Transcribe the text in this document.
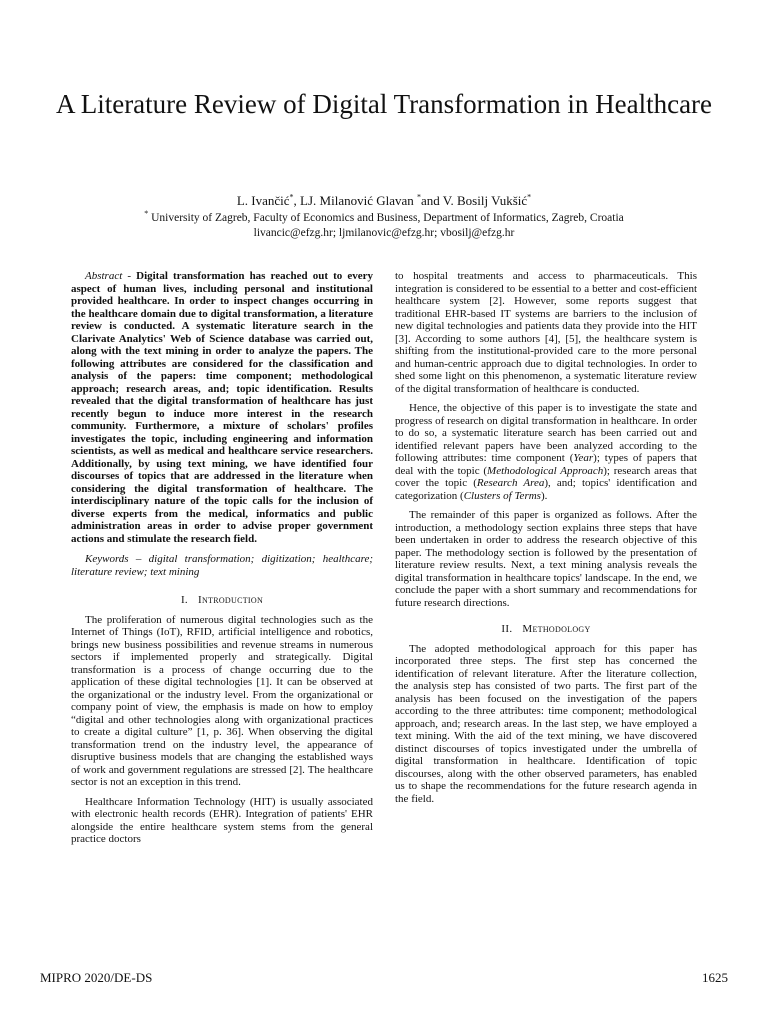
A Literature Review of Digital Transformation in Healthcare
L. Ivančić*, LJ. Milanović Glavan *and V. Bosilj Vukšić*
* University of Zagreb, Faculty of Economics and Business, Department of Informatics, Zagreb, Croatia
livancic@efzg.hr; ljmilanovic@efzg.hr; vbosilj@efzg.hr

Abstract - Digital transformation has reached out to every aspect of human lives, including personal and institutional provided healthcare. In order to inspect changes occurring in the healthcare domain due to digital transformation, a literature review is conducted. A systematic literature search in the Clarivate Analytics' Web of Science database was carried out, along with the text mining in order to analyze the papers. The following attributes are considered for the classification and analysis of the papers: time component; methodological approach; research areas, and; topic identification. Results revealed that the digital transformation of healthcare has just recently begun to induce more interest in the research community. Furthermore, a mixture of scholars' profiles investigates the topic, including engineering and information scientists, as well as medical and healthcare service researchers. Additionally, by using text mining, we have identified four discourses of topics that are addressed in the literature when considering the digital transformation of healthcare. The interdisciplinary nature of the topic calls for the inclusion of diverse experts from the medical, informatics and public administration areas in order to advise proper government actions and stimulate the research field.

Keywords – digital transformation; digitization; healthcare; literature review; text mining

I. Introduction

The proliferation of numerous digital technologies such as the Internet of Things (IoT), RFID, artificial intelligence and robotics, brings new business possibilities and revenue streams in numerous sectors if implemented properly and strategically. Digital transformation is a process of change occurring due to the application of these digital technologies [1]. It can be observed at the organizational or the industry level. From the organizational or company point of view, the emphasis is made on how to employ “digital and other technologies along with organizational practices to create a digital culture” [1, p. 36]. When observing the digital transformation trend on the industry level, the appearance of disruptive business models that are changing the established ways of work and government regulations are stressed [2]. The healthcare sector is not an exception in this trend.

Healthcare Information Technology (HIT) is usually associated with electronic health records (EHR). Integration of patients' EHR alongside the entire healthcare system stems from the general practice doctors

to hospital treatments and access to pharmaceuticals. This integration is considered to be essential to a better and cost-efficient healthcare system [2]. However, some reports suggest that traditional EHR-based IT systems are barriers to the inclusion of new digital technologies and patients data they provide into the HIT [3]. According to some authors [4], [5], the healthcare system is shifting from the institutional-provided care to the more personal and human-centric approach due to digital technologies. In order to shed some light on this phenomenon, a systematic literature review of the digital transformation of healthcare is conducted.

Hence, the objective of this paper is to investigate the state and progress of research on digital transformation in healthcare. In order to do so, a systematic literature search has been carried out and identified relevant papers have been analyzed according to the following attributes: time component (Year); types of papers that deal with the topic (Methodological Approach); research areas that cover the topic (Research Area), and; topics' identification and categorization (Clusters of Terms).

The remainder of this paper is organized as follows. After the introduction, a methodology section explains three steps that have been undertaken in order to address the research objective of this paper. The methodology section is followed by the presentation of literature review results. Next, a text mining analysis reveals the digital transformation in healthcare topics' landscape. In the end, we conclude the paper with a short summary and recommendations for future research directions.

II. Methodology

The adopted methodological approach for this paper has incorporated three steps. The first step has concerned the identification of relevant literature. After the literature collection, the analysis step has consisted of two parts. The first part of the analysis has been focused on the investigation of the papers according to the three attributes: time component; methodological approach, and; research areas. In the last step, we have employed a text mining. With the aid of the text mining, we have discovered distinct discourses of topics investigated under the umbrella of digital transformation in healthcare. Identification of topic discourses, along with the other observed parameters, has enabled us to shape the recommendations for the future research agenda in the field.

MIPRO 2020/DE-DS	1625
